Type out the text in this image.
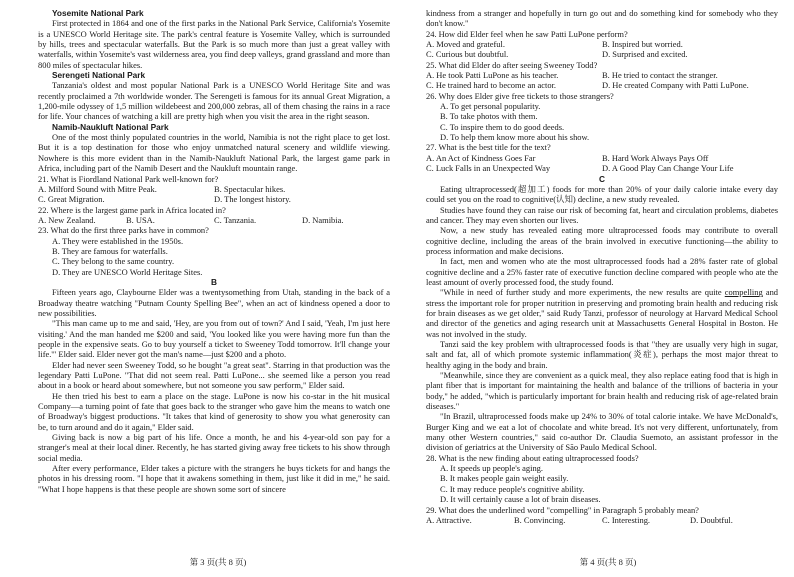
Yosemite National Park

First protected in 1864 and one of the first parks in the National Park Service, California's Yosemite is a UNESCO World Heritage site. The park's central feature is Yosemite Valley, which is surrounded by hills, trees and spectacular waterfalls. But the Park is so much more than just a great valley with waterfalls, within Yosemite's vast wilderness area, you find deep valleys, grand grassland and more than 800 miles of spectacular hikes.

Serengeti National Park

Tanzania's oldest and most popular National Park is a UNESCO World Heritage Site and was recently proclaimed a 7th worldwide wonder. The Serengeti is famous for its annual Great Migration, a 1,200-mile odyssey of 1,5 million wildebeest and 200,000 zebras, all of them chasing the rains in a race for life. Your chances of watching a kill are pretty high when you visit the area in the right season.

Namib-Naukluft National Park

One of the most thinly populated countries in the world, Namibia is not the right place to get lost. But it is a top destination for those who enjoy unmatched natural scenery and wildlife viewing. Nowhere is this more evident than in the Namib-Naukluft National Park, the largest game park in Africa, including part of the Namib Desert and the Naukluft mountain range.

21. What is Fiordland National Park well-known for?

A. Milford Sound with Mitre Peak.	B. Spectacular hikes.
C. Great Migration.	D. The longest history.

22. Where is the largest game park in Africa located in?

A. New Zealand.	B. USA.	C. Tanzania.	D. Namibia.

23. What do the first three parks have in common?

A. They were established in the 1950s.

B. They are famous for waterfalls.

C. They belong to the same country.

D. They are UNESCO World Heritage Sites.

B

Fifteen years ago, Claybourne Elder was a twentysomething from Utah, standing in the back of a Broadway theatre watching "Putnam County Spelling Bee", when an act of kindness opened a door to new possibilities.

"This man came up to me and said, 'Hey, are you from out of town?' And I said, 'Yeah, I'm just here visiting.' And the man handed me $200 and said, 'You looked like you were having more fun than the people in the expensive seats. Go to buy yourself a ticket to Sweeney Todd tomorrow. It'll change your life.'" Elder said. Elder never got the man's name—just $200 and a photo.

Elder had never seen Sweeney Todd, so he bought "a great seat". Starring in that production was the legendary Patti LuPone. "That did not seem real. Patti LuPone... she seemed like a person you read about in a book or heard about somewhere, but not someone you saw perform," Elder said.

He then tried his best to earn a place on the stage. LuPone is now his co-star in the hit musical Company—a turning point of fate that goes back to the stranger who gave him the means to watch one of Broadway's biggest productions. "It takes that kind of generosity to show you what generosity can be, to turn around and do it again," Elder said.

Giving back is now a big part of his life. Once a month, he and his 4-year-old son pay for a stranger's meal at their local diner. Recently, he has started giving away free tickets to his show through social media.

After every performance, Elder takes a picture with the strangers he buys tickets for and hangs the photos in his dressing room. "I hope that it awakens something in them, just like it did in me," he said. "What I hope happens is that these people are shown some sort of sincere

kindness from a stranger and hopefully in turn go out and do something kind for somebody who they don't know."

24. How did Elder feel when he saw Patti LuPone perform?

A. Moved and grateful.	B. Inspired but worried.
C. Curious but doubtful.	D. Surprised and excited.

25. What did Elder do after seeing Sweeney Todd?

A. He took Patti LuPone as his teacher.	B. He tried to contact the stranger.
C. He trained hard to become an actor.	D. He created Company with Patti LuPone.

26. Why does Elder give free tickets to those strangers?

A. To get personal popularity.

B. To take photos with them.

C. To inspire them to do good deeds.

D. To help them know more about his show.

27. What is the best title for the text?

A. An Act of Kindness Goes Far	B. Hard Work Always Pays Off
C. Luck Falls in an Unexpected Way	D. A Good Play Can Change Your Life

C

Eating ultraprocessed(超加工) foods for more than 20% of your daily calorie intake every day could set you on the road to cognitive(认知) decline, a new study revealed.

Studies have found they can raise our risk of becoming fat, heart and circulation problems, diabetes and cancer. They may even shorten our lives.

Now, a new study has revealed eating more ultraprocessed foods may contribute to overall cognitive decline, including the areas of the brain involved in executive functioning—the ability to process information and make decisions.

In fact, men and women who ate the most ultraprocessed foods had a 28% faster rate of global cognitive decline and a 25% faster rate of executive function decline compared with people who ate the least amount of overly processed food, the study found.

"While in need of further study and more experiments, the new results are quite compelling and stress the important role for proper nutrition in preserving and promoting brain health and reducing risk for brain diseases as we get older," said Rudy Tanzi, professor of neurology at Harvard Medical School and director of the genetics and aging research unit at Massachusetts General Hospital in Boston. He was not involved in the study.

Tanzi said the key problem with ultraprocessed foods is that "they are usually very high in sugar, salt and fat, all of which promote systemic inflammation(炎症), perhaps the most major threat to healthy aging in the body and brain.

"Meanwhile, since they are convenient as a quick meal, they also replace eating food that is high in plant fiber that is important for maintaining the health and balance of the trillions of bacteria in your body," he added, "which is particularly important for brain health and reducing risk of age-related brain diseases."

"In Brazil, ultraprocessed foods make up 24% to 30% of total calorie intake. We have McDonald's, Burger King and we eat a lot of chocolate and white bread. It's not very different, unfortunately, from many other Western countries," said co-author Dr. Claudia Suemoto, an assistant professor in the division of geriatrics at the University of São Paulo Medical School.

28. What is the new finding about eating ultraprocessed foods?

A. It speeds up people's aging.

B. It makes people gain weight easily.

C. It may reduce people's cognitive ability.

D. It will certainly cause a lot of brain diseases.

29. What does the underlined word "compelling" in Paragraph 5 probably mean?

A. Attractive.	B. Convincing.	C. Interesting.	D. Doubtful.
第 3 页(共 8 页)	第 4 页(共 8 页)
